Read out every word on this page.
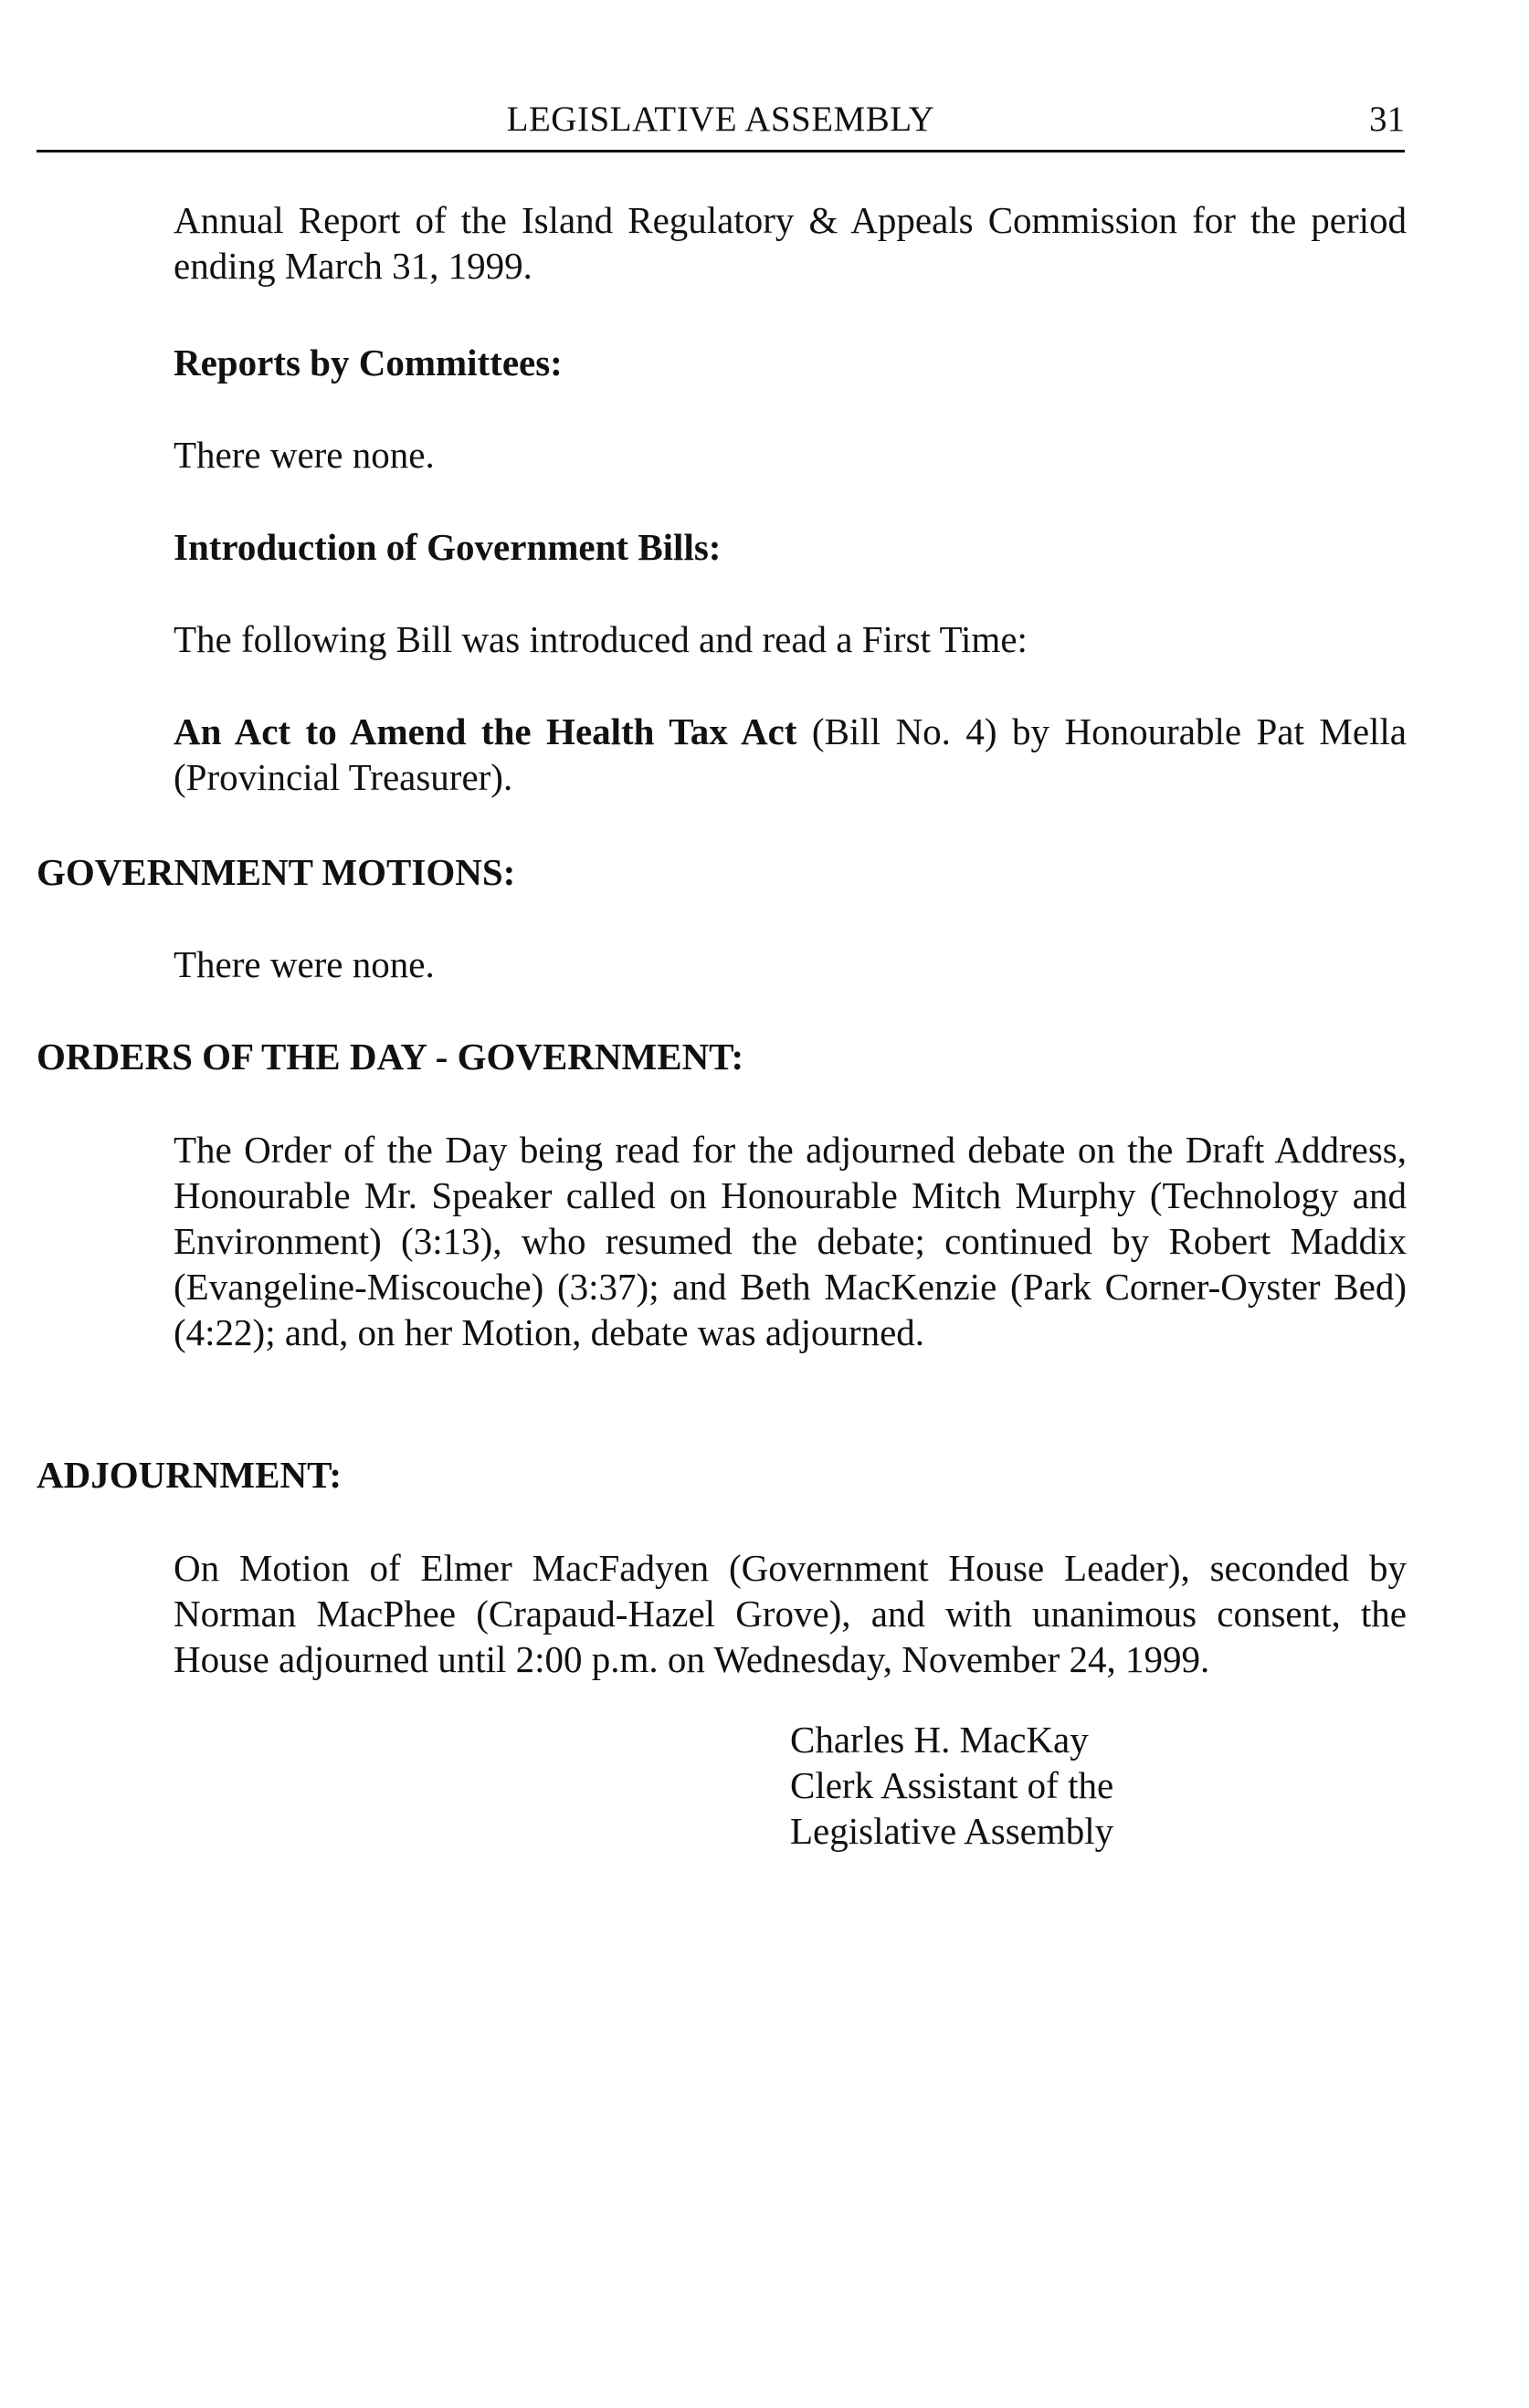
LEGISLATIVE ASSEMBLY	31

Annual Report of the Island Regulatory & Appeals Commission for the period ending March 31, 1999.

Reports by Committees:

There were none.

Introduction of Government Bills:

The following Bill was introduced and read a First Time:

An Act to Amend the Health Tax Act (Bill No. 4) by Honourable Pat Mella (Provincial Treasurer).

GOVERNMENT MOTIONS:

There were none.

ORDERS OF THE DAY - GOVERNMENT:

The Order of the Day being read for the adjourned debate on the Draft Address, Honourable Mr. Speaker called on Honourable Mitch Murphy (Technology and Environment) (3:13), who resumed the debate; continued by Robert Maddix (Evangeline-Miscouche) (3:37); and Beth MacKenzie (Park Corner-Oyster Bed) (4:22); and, on her Motion, debate was adjourned.

ADJOURNMENT:

On Motion of Elmer MacFadyen (Government House Leader), seconded by Norman MacPhee (Crapaud-Hazel Grove), and with unanimous consent, the House adjourned until 2:00 p.m. on Wednesday, November 24, 1999.

Charles H. MacKay
Clerk Assistant of the
Legislative Assembly
